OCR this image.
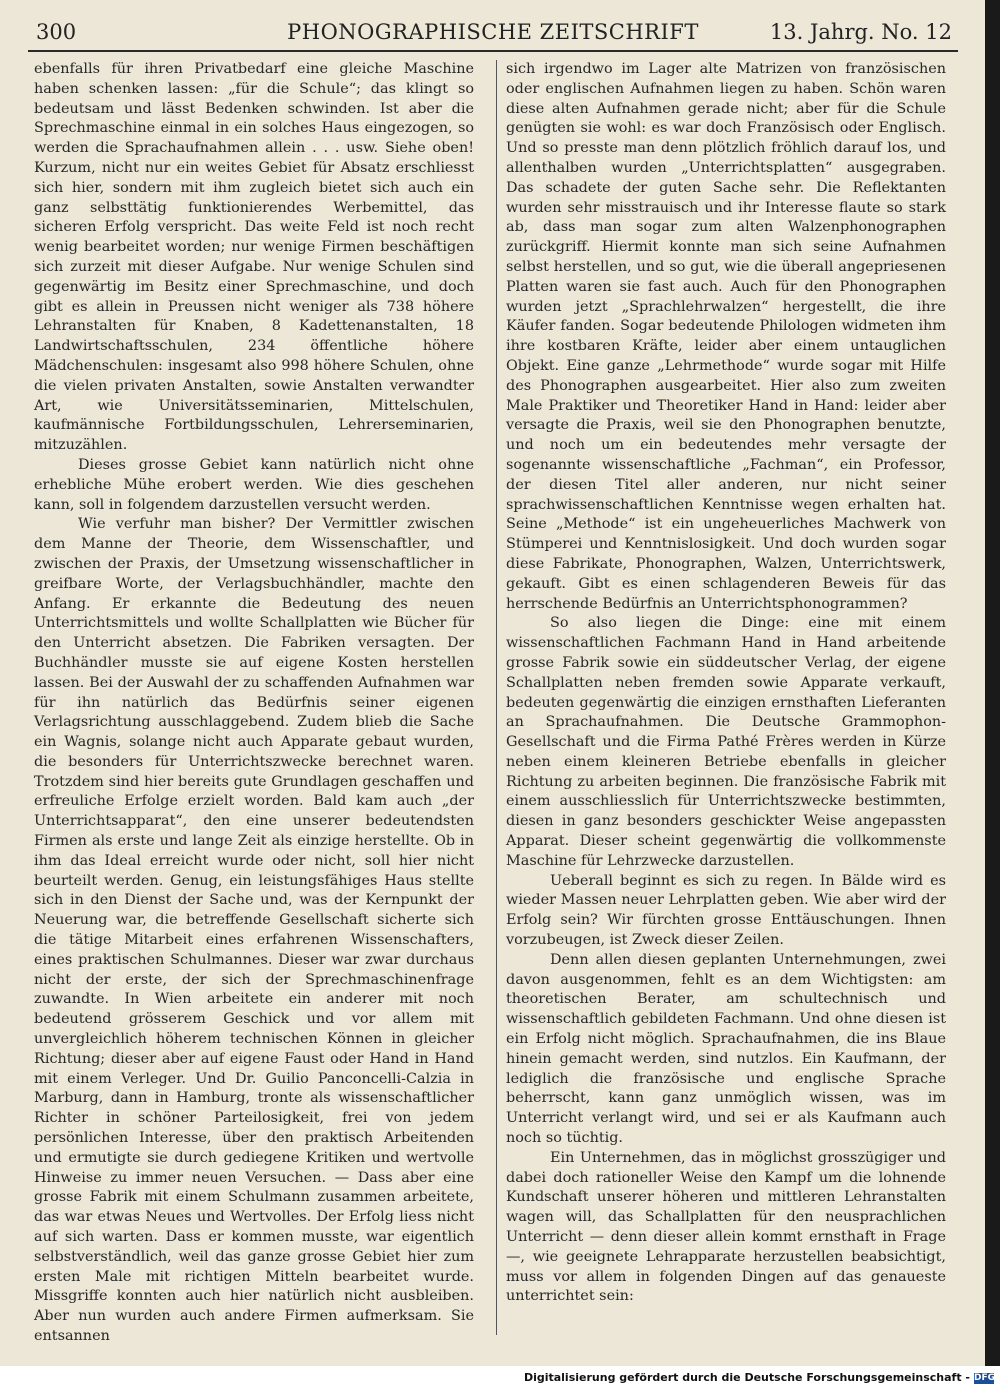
300	PHONOGRAPHISCHE ZEITSCHRIFT	13. Jahrg. No. 12

ebenfalls für ihren Privatbedarf eine gleiche Maschine haben schenken lassen: „für die Schule“; das klingt so bedeutsam und lässt Bedenken schwinden. Ist aber die Sprechmaschine einmal in ein solches Haus eingezogen, so werden die Sprachaufnahmen allein . . . usw. Siehe oben! Kurzum, nicht nur ein weites Gebiet für Absatz erschliesst sich hier, sondern mit ihm zugleich bietet sich auch ein ganz selbsttätig funktionierendes Werbemittel, das sicheren Erfolg verspricht. Das weite Feld ist noch recht wenig bearbeitet worden; nur wenige Firmen beschäftigen sich zurzeit mit dieser Aufgabe. Nur wenige Schulen sind gegenwärtig im Besitz einer Sprechmaschine, und doch gibt es allein in Preussen nicht weniger als 738 höhere Lehranstalten für Knaben, 8 Kadettenanstalten, 18 Landwirtschaftsschulen, 234 öffentliche höhere Mädchenschulen: insgesamt also 998 höhere Schulen, ohne die vielen privaten Anstalten, sowie Anstalten verwandter Art, wie Universitätsseminarien, Mittelschulen, kaufmännische Fortbildungsschulen, Lehrerseminarien, mitzuzählen.

Dieses grosse Gebiet kann natürlich nicht ohne erhebliche Mühe erobert werden. Wie dies geschehen kann, soll in folgendem darzustellen versucht werden.

Wie verfuhr man bisher? Der Vermittler zwischen dem Manne der Theorie, dem Wissenschaftler, und zwischen der Praxis, der Umsetzung wissenschaftlicher in greifbare Worte, der Verlagsbuchhändler, machte den Anfang. Er erkannte die Bedeutung des neuen Unterrichtsmittels und wollte Schallplatten wie Bücher für den Unterricht absetzen. Die Fabriken versagten. Der Buchhändler musste sie auf eigene Kosten herstellen lassen. Bei der Auswahl der zu schaffenden Aufnahmen war für ihn natürlich das Bedürfnis seiner eigenen Verlagsrichtung ausschlaggebend. Zudem blieb die Sache ein Wagnis, solange nicht auch Apparate gebaut wurden, die besonders für Unterrichtszwecke berechnet waren. Trotzdem sind hier bereits gute Grundlagen geschaffen und erfreuliche Erfolge erzielt worden. Bald kam auch „der Unterrichtsapparat“, den eine unserer bedeutendsten Firmen als erste und lange Zeit als einzige herstellte. Ob in ihm das Ideal erreicht wurde oder nicht, soll hier nicht beurteilt werden. Genug, ein leistungsfähiges Haus stellte sich in den Dienst der Sache und, was der Kernpunkt der Neuerung war, die betreffende Gesellschaft sicherte sich die tätige Mitarbeit eines erfahrenen Wissenschafters, eines praktischen Schulmannes. Dieser war zwar durchaus nicht der erste, der sich der Sprechmaschinenfrage zuwandte. In Wien arbeitete ein anderer mit noch bedeutend grösserem Geschick und vor allem mit unvergleichlich höherem technischen Können in gleicher Richtung; dieser aber auf eigene Faust oder Hand in Hand mit einem Verleger. Und Dr. Guilio Panconcelli-Calzia in Marburg, dann in Hamburg, tronte als wissenschaftlicher Richter in schöner Parteilosigkeit, frei von jedem persönlichen Interesse, über den praktisch Arbeitenden und ermutigte sie durch gediegene Kritiken und wertvolle Hinweise zu immer neuen Versuchen. — Dass aber eine grosse Fabrik mit einem Schulmann zusammen arbeitete, das war etwas Neues und Wertvolles. Der Erfolg liess nicht auf sich warten. Dass er kommen musste, war eigentlich selbstverständlich, weil das ganze grosse Gebiet hier zum ersten Male mit richtigen Mitteln bearbeitet wurde. Missgriffe konnten auch hier natürlich nicht ausbleiben. Aber nun wurden auch andere Firmen aufmerksam. Sie entsannen

sich irgendwo im Lager alte Matrizen von französischen oder englischen Aufnahmen liegen zu haben. Schön waren diese alten Aufnahmen gerade nicht; aber für die Schule genügten sie wohl: es war doch Französisch oder Englisch. Und so presste man denn plötzlich fröhlich darauf los, und allenthalben wurden „Unterrichtsplatten“ ausgegraben. Das schadete der guten Sache sehr. Die Reflektanten wurden sehr misstrauisch und ihr Interesse flaute so stark ab, dass man sogar zum alten Walzenphonographen zurückgriff. Hiermit konnte man sich seine Aufnahmen selbst herstellen, und so gut, wie die überall angepriesenen Platten waren sie fast auch. Auch für den Phonographen wurden jetzt „Sprachlehrwalzen“ hergestellt, die ihre Käufer fanden. Sogar bedeutende Philologen widmeten ihm ihre kostbaren Kräfte, leider aber einem untauglichen Objekt. Eine ganze „Lehrmethode“ wurde sogar mit Hilfe des Phonographen ausgearbeitet. Hier also zum zweiten Male Praktiker und Theoretiker Hand in Hand: leider aber versagte die Praxis, weil sie den Phonographen benutzte, und noch um ein bedeutendes mehr versagte der sogenannte wissenschaftliche „Fachman“, ein Professor, der diesen Titel aller anderen, nur nicht seiner sprachwissenschaftlichen Kenntnisse wegen erhalten hat. Seine „Methode“ ist ein ungeheuerliches Machwerk von Stümperei und Kenntnislosigkeit. Und doch wurden sogar diese Fabrikate, Phonographen, Walzen, Unterrichtswerk, gekauft. Gibt es einen schlagenderen Beweis für das herrschende Bedürfnis an Unterrichtsphonogrammen?

So also liegen die Dinge: eine mit einem wissenschaftlichen Fachmann Hand in Hand arbeitende grosse Fabrik sowie ein süddeutscher Verlag, der eigene Schallplatten neben fremden sowie Apparate verkauft, bedeuten gegenwärtig die einzigen ernsthaften Lieferanten an Sprachaufnahmen. Die Deutsche Grammophon-Gesellschaft und die Firma Pathé Frères werden in Kürze neben einem kleineren Betriebe ebenfalls in gleicher Richtung zu arbeiten beginnen. Die französische Fabrik mit einem ausschliesslich für Unterrichtszwecke bestimmten, diesen in ganz besonders geschickter Weise angepassten Apparat. Dieser scheint gegenwärtig die vollkommenste Maschine für Lehrzwecke darzustellen.

Ueberall beginnt es sich zu regen. In Bälde wird es wieder Massen neuer Lehrplatten geben. Wie aber wird der Erfolg sein? Wir fürchten grosse Enttäuschungen. Ihnen vorzubeugen, ist Zweck dieser Zeilen.

Denn allen diesen geplanten Unternehmungen, zwei davon ausgenommen, fehlt es an dem Wichtigsten: am theoretischen Berater, am schultechnisch und wissenschaftlich gebildeten Fachmann. Und ohne diesen ist ein Erfolg nicht möglich. Sprachaufnahmen, die ins Blaue hinein gemacht werden, sind nutzlos. Ein Kaufmann, der lediglich die französische und englische Sprache beherrscht, kann ganz unmöglich wissen, was im Unterricht verlangt wird, und sei er als Kaufmann auch noch so tüchtig.

Ein Unternehmen, das in möglichst grosszügiger und dabei doch rationeller Weise den Kampf um die lohnende Kundschaft unserer höheren und mittleren Lehranstalten wagen will, das Schallplatten für den neusprachlichen Unterricht — denn dieser allein kommt ernsthaft in Frage —, wie geeignete Lehrapparate herzustellen beabsichtigt, muss vor allem in folgenden Dingen auf das genaueste unterrichtet sein:

Digitalisierung gefördert durch die Deutsche Forschungsgemeinschaft - DFG
